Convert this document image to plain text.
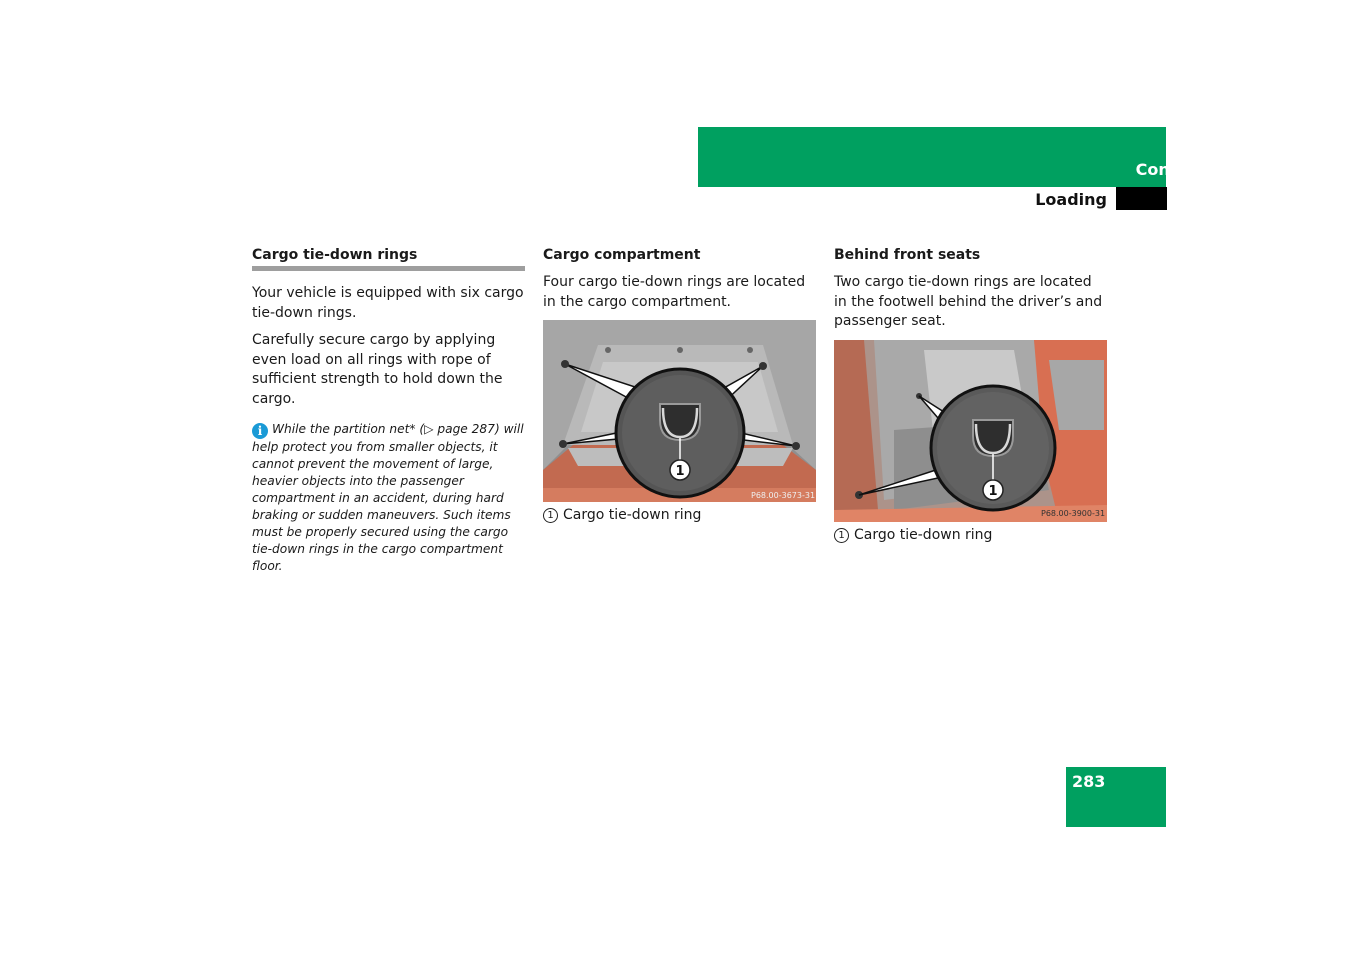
Controls in detail
Loading
Cargo tie-down rings

Your vehicle is equipped with six cargo tie-down rings.

Carefully secure cargo by applying even load on all rings with rope of sufficient strength to hold down the cargo.

i While the partition net* (▷ page 287) will help protect you from smaller objects, it cannot prevent the movement of large, heavier objects into the passenger compartment in an accident, during hard braking or sudden maneuvers. Such items must be properly secured using the cargo tie-down rings in the cargo compartment floor.
Cargo compartment

Four cargo tie-down rings are located in the cargo compartment.

1
P68.00-3673-31
1 Cargo tie-down ring
Behind front seats

Two cargo tie-down rings are located in the footwell behind the driver’s and passenger seat.

1
P68.00-3900-31
1 Cargo tie-down ring
283
